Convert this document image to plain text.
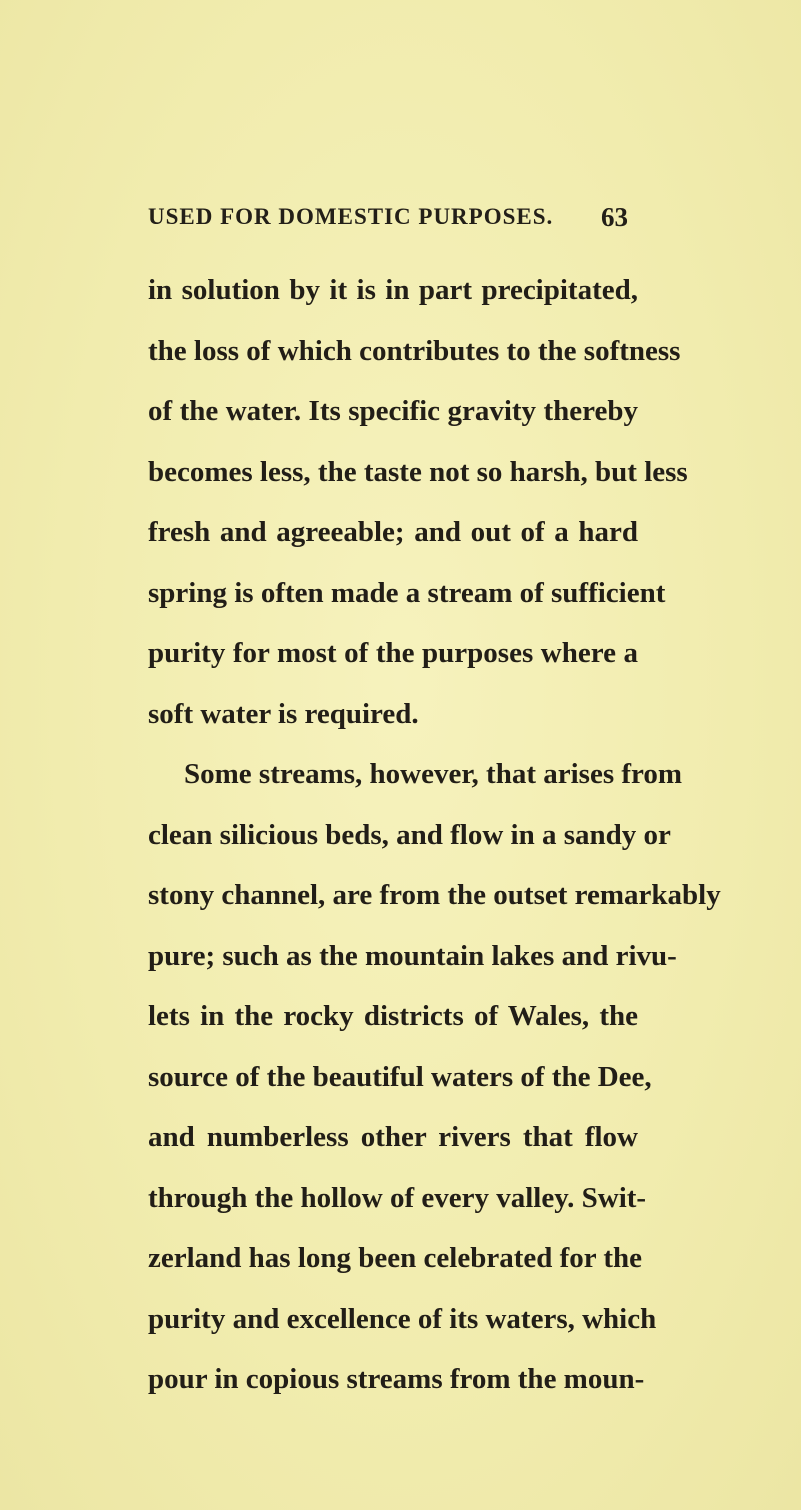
USED FOR DOMESTIC PURPOSES. 63
in solution by it is in part precipitated,
the loss of which contributes to the softness
of the water. Its specific gravity thereby
becomes less, the taste not so harsh, but less
fresh and agreeable; and out of a hard
spring is often made a stream of sufficient
purity for most of the purposes where a
soft water is required.
Some streams, however, that arises from
clean silicious beds, and flow in a sandy or
stony channel, are from the outset remarkably
pure; such as the mountain lakes and rivu-
lets in the rocky districts of Wales, the
source of the beautiful waters of the Dee,
and numberless other rivers that flow
through the hollow of every valley. Swit-
zerland has long been celebrated for the
purity and excellence of its waters, which
pour in copious streams from the moun-
